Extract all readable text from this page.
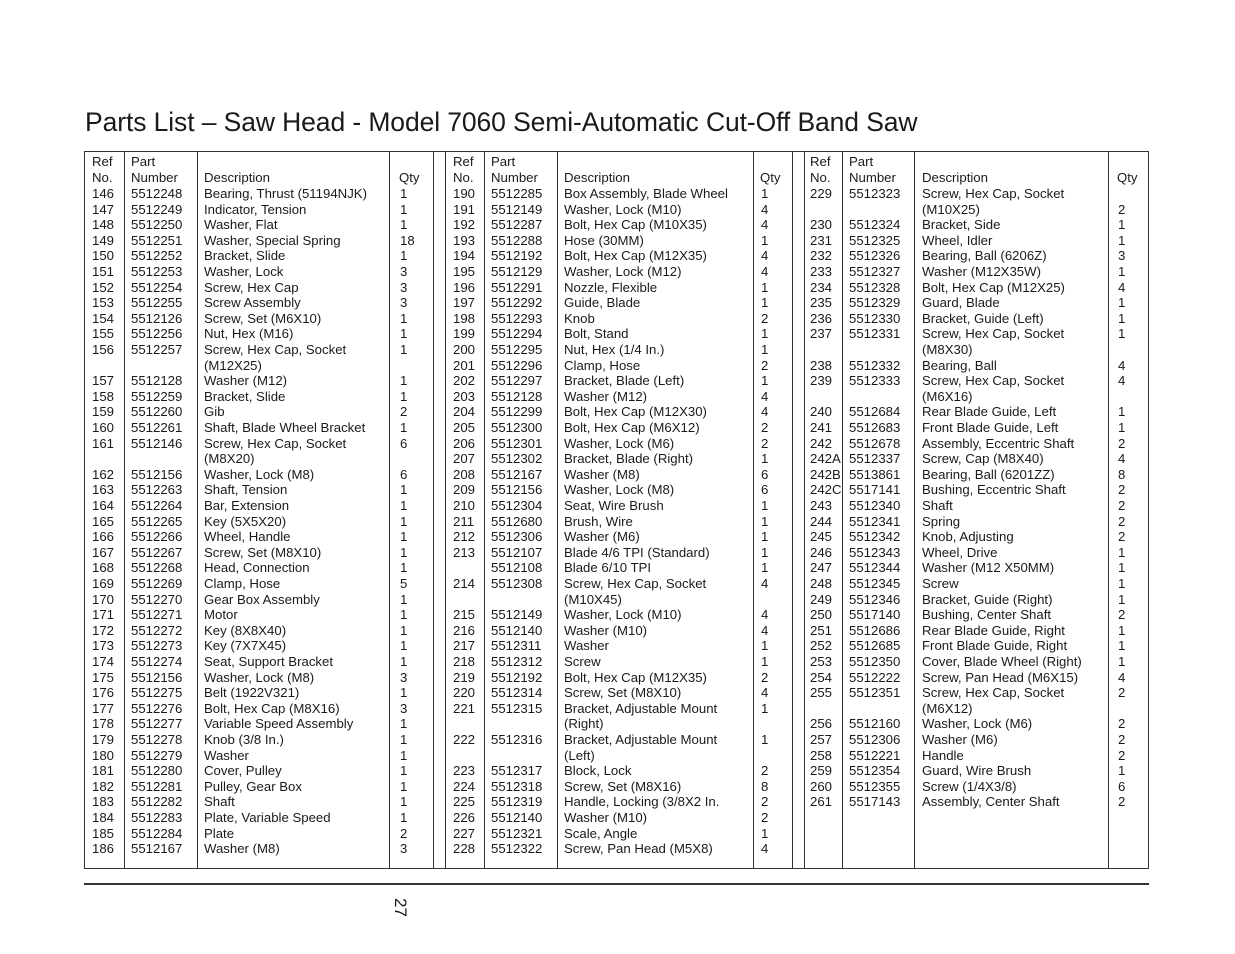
Parts List – Saw Head - Model 7060 Semi-Automatic Cut-Off Band Saw
Ref
No.
Part
Number Description	Qty
146 5512248 Bearing, Thrust (51194NJK)	1
147 5512249 Indicator, Tension	1
148 5512250 Washer, Flat	1
149 5512251 Washer, Special Spring	18
150 5512252 Bracket, Slide	1
151 5512253 Washer, Lock	3
152 5512254 Screw, Hex Cap	3
153 5512255 Screw Assembly	3
154 5512126 Screw, Set (M6X10)	1
155 5512256 Nut, Hex (M16)	1
156 5512257 Screw, Hex Cap, Socket	1
(M12X25)
157 5512128 Washer (M12)	1
158 5512259 Bracket, Slide	1
159 5512260 Gib	2
160 5512261 Shaft, Blade Wheel Bracket	1
161 5512146 Screw, Hex Cap, Socket	6
(M8X20)
162 5512156 Washer, Lock (M8)	6
163 5512263 Shaft, Tension	1
164 5512264 Bar, Extension	1
165 5512265 Key (5X5X20)	1
166 5512266 Wheel, Handle	1
167 5512267 Screw, Set (M8X10)	1
168 5512268 Head, Connection	1
169 5512269 Clamp, Hose	5
170 5512270 Gear Box Assembly	1
171 5512271 Motor	1
172 5512272 Key (8X8X40)	1
173 5512273 Key (7X7X45)	1
174 5512274 Seat, Support Bracket	1
175 5512156 Washer, Lock (M8)	3
176 5512275 Belt (1922V321)	1
177 5512276 Bolt, Hex Cap (M8X16)	3
178 5512277 Variable Speed Assembly	1
179 5512278 Knob (3/8 In.)	1
180 5512279 Washer	1
181 5512280 Cover, Pulley	1
182 5512281 Pulley, Gear Box	1
183 5512282 Shaft	1
184 5512283 Plate, Variable Speed	1
185 5512284 Plate	2
186 5512167 Washer (M8)	3
Ref
No.
Part
Number Description	Qty
190 5512285 Box Assembly, Blade Wheel	1
191 5512149 Washer, Lock (M10)	4
192 5512287 Bolt, Hex Cap (M10X35)	4
193 5512288 Hose (30MM)	1
194 5512192 Bolt, Hex Cap (M12X35)	4
195 5512129 Washer, Lock (M12)	4
196 5512291 Nozzle, Flexible	1
197 5512292 Guide, Blade	1
198 5512293 Knob	2
199 5512294 Bolt, Stand	1
200 5512295 Nut, Hex (1/4 In.)	1
201 5512296 Clamp, Hose	2
202 5512297 Bracket, Blade (Left)	1
203 5512128 Washer (M12)	4
204 5512299 Bolt, Hex Cap (M12X30)	4
205 5512300 Bolt, Hex Cap (M6X12)	2
206 5512301 Washer, Lock (M6)	2
207 5512302 Bracket, Blade (Right)	1
208 5512167 Washer (M8)	6
209 5512156 Washer, Lock (M8)	6
210 5512304 Seat, Wire Brush	1
211 5512680 Brush, Wire	1
212 5512306 Washer (M6)	1
213 5512107 Blade 4/6 TPI (Standard)	1
5512108 Blade 6/10 TPI	1
214 5512308 Screw, Hex Cap, Socket	4
(M10X45)
215 5512149 Washer, Lock (M10)	4
216 5512140 Washer (M10)	4
217 5512311 Washer	1
218 5512312 Screw	1
219 5512192 Bolt, Hex Cap (M12X35)	2
220 5512314 Screw, Set (M8X10)	4
221 5512315 Bracket, Adjustable Mount	1
(Right)
222 5512316 Bracket, Adjustable Mount	1
(Left)
223 5512317 Block, Lock	2
224 5512318 Screw, Set (M8X16)	8
225 5512319 Handle, Locking (3/8X2 In.	2
226 5512140 Washer (M10)	2
227 5512321 Scale, Angle	1
228 5512322 Screw, Pan Head (M5X8)	4
Ref
No.
Part
Number Description	Qty
229 5512323 Screw, Hex Cap, Socket
(M10X25)	2
230 5512324 Bracket, Side	1
231 5512325 Wheel, Idler	1
232 5512326 Bearing, Ball (6206Z)	3
233 5512327 Washer (M12X35W)	1
234 5512328 Bolt, Hex Cap (M12X25)	4
235 5512329 Guard, Blade	1
236 5512330 Bracket, Guide (Left)	1
237 5512331 Screw, Hex Cap, Socket	1
(M8X30)
238 5512332 Bearing, Ball	4
239 5512333 Screw, Hex Cap, Socket	4
(M6X16)
240 5512684 Rear Blade Guide, Left	1
241 5512683 Front Blade Guide, Left	1
242 5512678 Assembly, Eccentric Shaft	2
242A 5512337 Screw, Cap (M8X40)	4
242B 5513861 Bearing, Ball (6201ZZ)	8
242C 5517141 Bushing, Eccentric Shaft	2
243 5512340 Shaft	2
244 5512341 Spring	2
245 5512342 Knob, Adjusting	2
246 5512343 Wheel, Drive	1
247 5512344 Washer (M12 X50MM)	1
248 5512345 Screw	1
249 5512346 Bracket, Guide (Right)	1
250 5517140 Bushing, Center Shaft	2
251 5512686 Rear Blade Guide, Right	1
252 5512685 Front Blade Guide, Right	1
253 5512350 Cover, Blade Wheel (Right)	1
254 5512222 Screw, Pan Head (M6X15)	4
255 5512351 Screw, Hex Cap, Socket	2
(M6X12)
256 5512160 Washer, Lock (M6)	2
257 5512306 Washer (M6)	2
258 5512221 Handle	2
259 5512354 Guard, Wire Brush	1
260 5512355 Screw (1/4X3/8)	6
261 5517143 Assembly, Center Shaft	2
27
